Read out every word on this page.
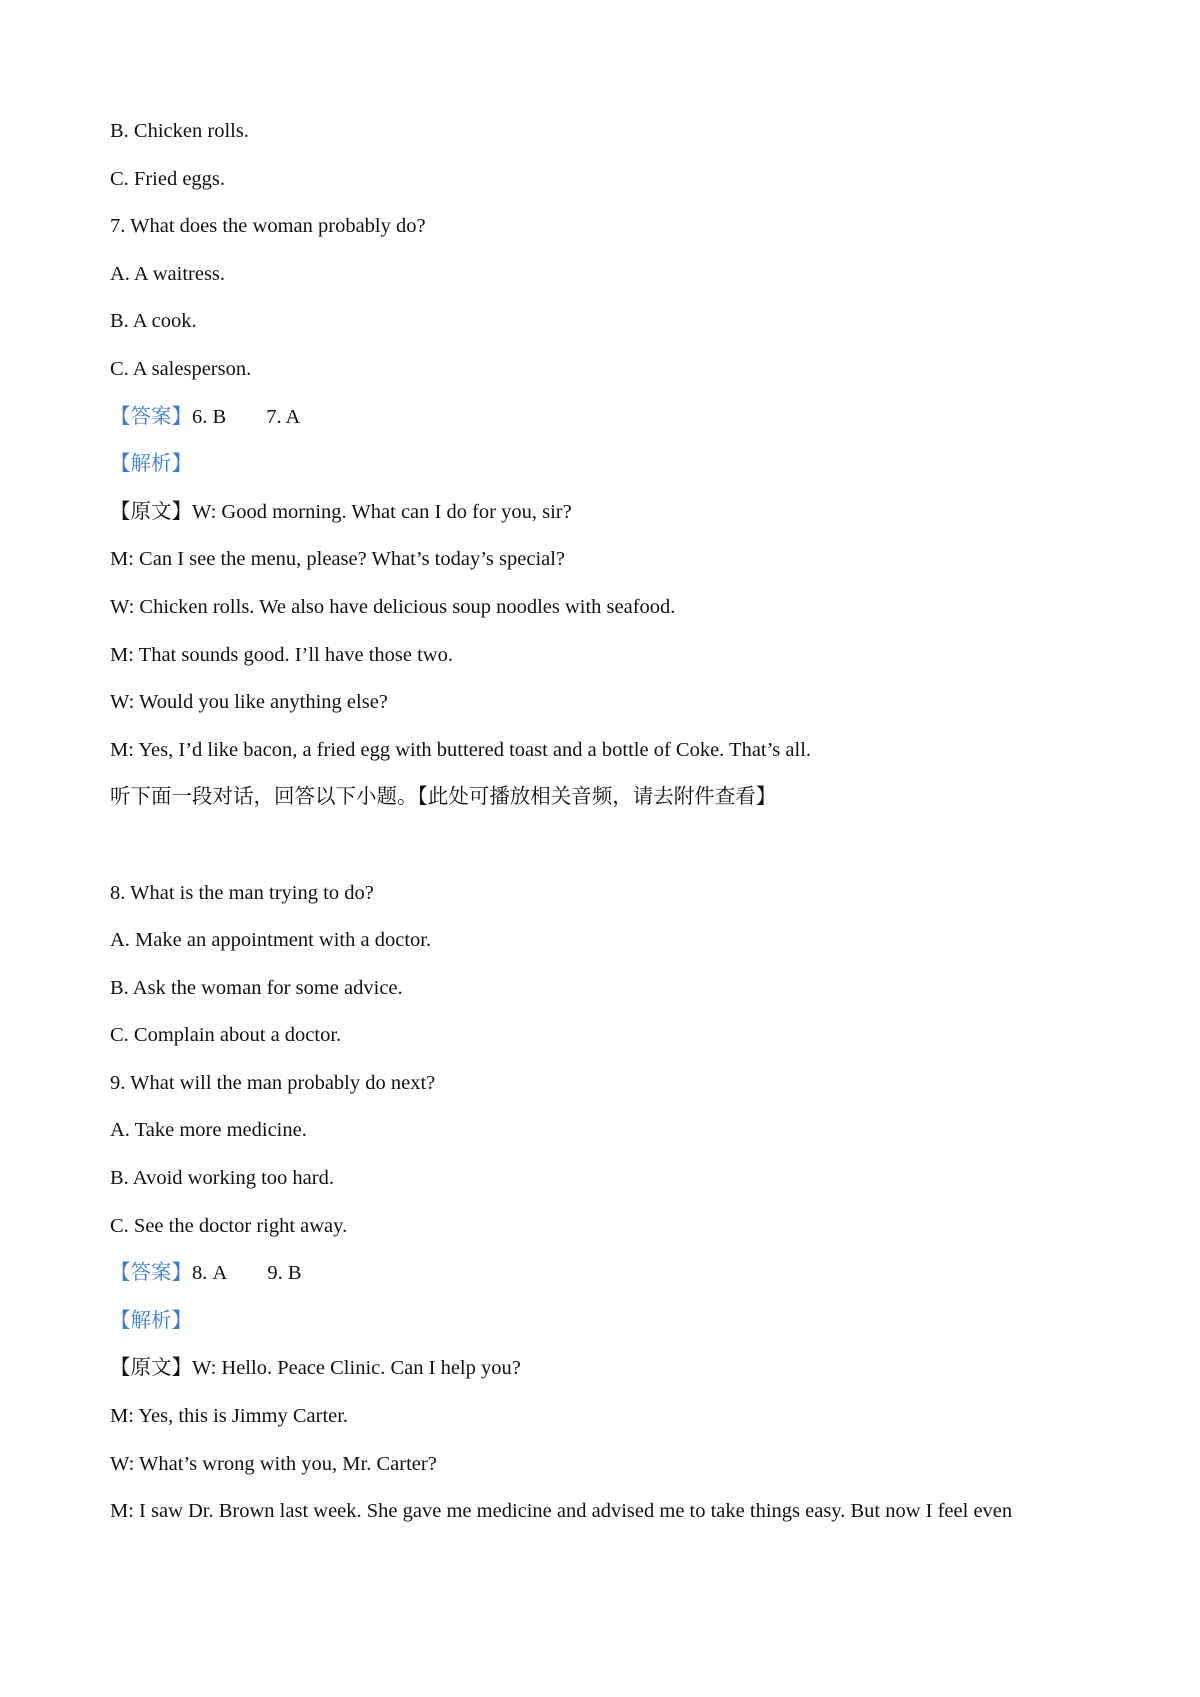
B. Chicken rolls.
C. Fried eggs.
7. What does the woman probably do?
A. A waitress.
B. A cook.
C. A salesperson.
【答案】6. B 7. A
【解析】
【原文】W: Good morning. What can I do for you, sir?
M: Can I see the menu, please? What’s today’s special?
W: Chicken rolls. We also have delicious soup noodles with seafood.
M: That sounds good. I’ll have those two.
W: Would you like anything else?
M: Yes, I’d like bacon, a fried egg with buttered toast and a bottle of Coke. That’s all.
听下面一段对话，回答以下小题。【此处可播放相关音频，请去附件查看】
8. What is the man trying to do?
A. Make an appointment with a doctor.
B. Ask the woman for some advice.
C. Complain about a doctor.
9. What will the man probably do next?
A. Take more medicine.
B. Avoid working too hard.
C. See the doctor right away.
【答案】8. A 9. B
【解析】
【原文】W: Hello. Peace Clinic. Can I help you?
M: Yes, this is Jimmy Carter.
W: What’s wrong with you, Mr. Carter?
M: I saw Dr. Brown last week. She gave me medicine and advised me to take things easy. But now I feel even
